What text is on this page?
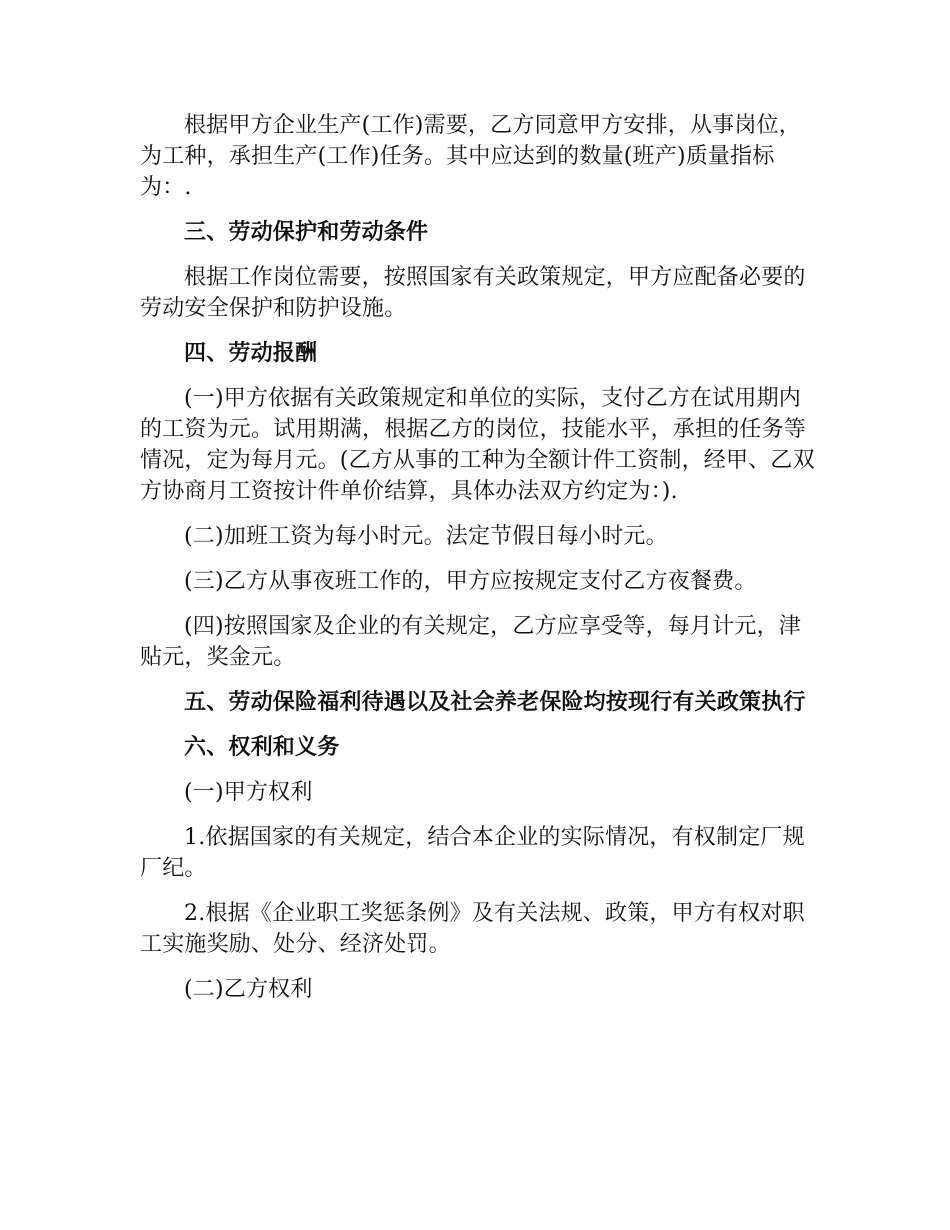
根据甲方企业生产(工作)需要，乙方同意甲方安排，从事岗位，为工种，承担生产(工作)任务。其中应达到的数量(班产)质量指标为：.

三、劳动保护和劳动条件

根据工作岗位需要，按照国家有关政策规定，甲方应配备必要的劳动安全保护和防护设施。

四、劳动报酬

(一)甲方依据有关政策规定和单位的实际，支付乙方在试用期内的工资为元。试用期满，根据乙方的岗位，技能水平，承担的任务等情况，定为每月元。(乙方从事的工种为全额计件工资制，经甲、乙双方协商月工资按计件单价结算，具体办法双方约定为：).

(二)加班工资为每小时元。法定节假日每小时元。

(三)乙方从事夜班工作的，甲方应按规定支付乙方夜餐费。

(四)按照国家及企业的有关规定，乙方应享受等，每月计元，津贴元，奖金元。

五、劳动保险福利待遇以及社会养老保险均按现行有关政策执行

六、权利和义务

(一)甲方权利

1.依据国家的有关规定，结合本企业的实际情况，有权制定厂规厂纪。

2.根据《企业职工奖惩条例》及有关法规、政策，甲方有权对职工实施奖励、处分、经济处罚。

(二)乙方权利
